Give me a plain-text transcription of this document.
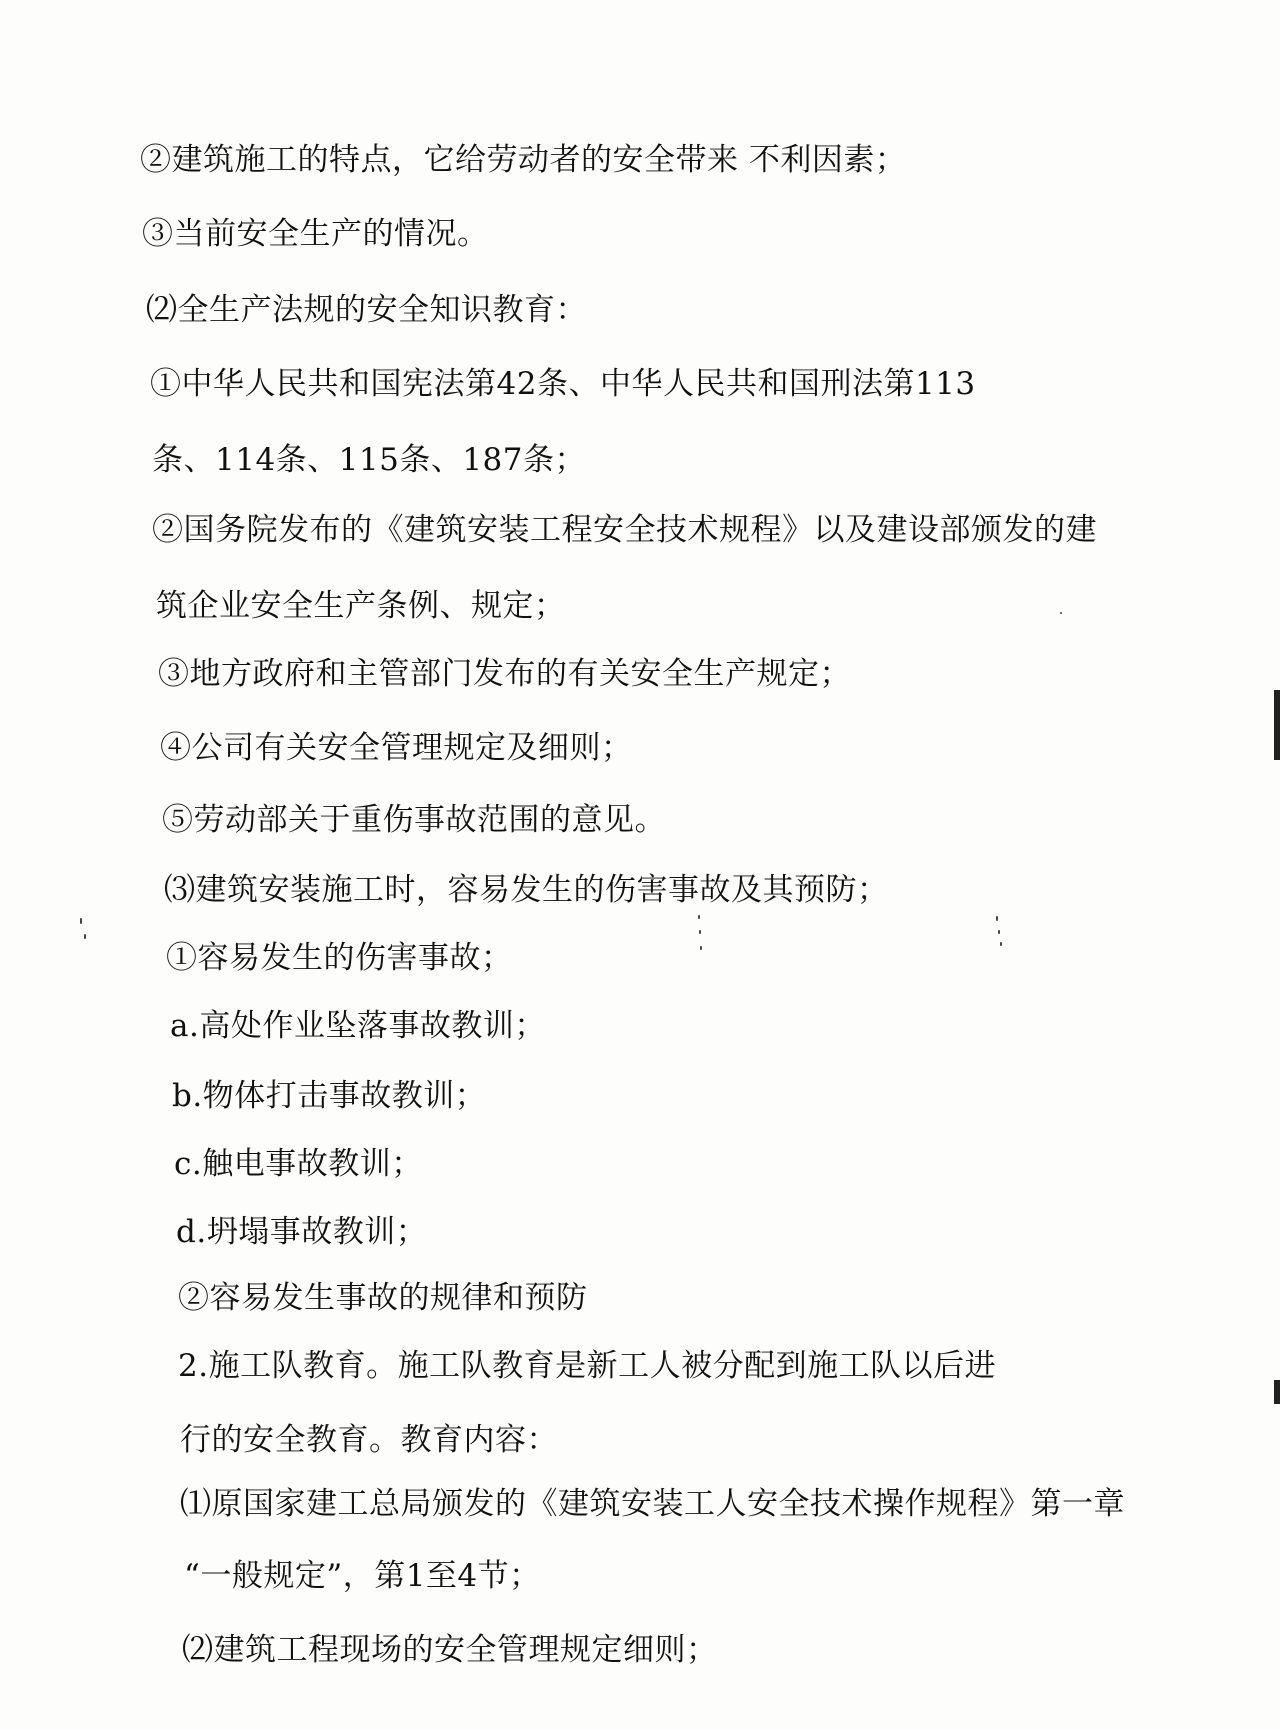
②建筑施工的特点，它给劳动者的安全带来 不利因素；
③当前安全生产的情况。
⑵全生产法规的安全知识教育：
①中华人民共和国宪法第42条、中华人民共和国刑法第113
条、114条、115条、187条；
②国务院发布的《建筑安装工程安全技术规程》以及建设部颁发的建
筑企业安全生产条例、规定；
③地方政府和主管部门发布的有关安全生产规定；
④公司有关安全管理规定及细则；
⑤劳动部关于重伤事故范围的意见。
⑶建筑安装施工时，容易发生的伤害事故及其预防；
①容易发生的伤害事故；
a.高处作业坠落事故教训；
b.物体打击事故教训；
c.触电事故教训；
d.坍塌事故教训；
②容易发生事故的规律和预防
2.施工队教育。施工队教育是新工人被分配到施工队以后进
行的安全教育。教育内容：
⑴原国家建工总局颁发的《建筑安装工人安全技术操作规程》第一章
“一般规定”，第1至4节；
⑵建筑工程现场的安全管理规定细则；
